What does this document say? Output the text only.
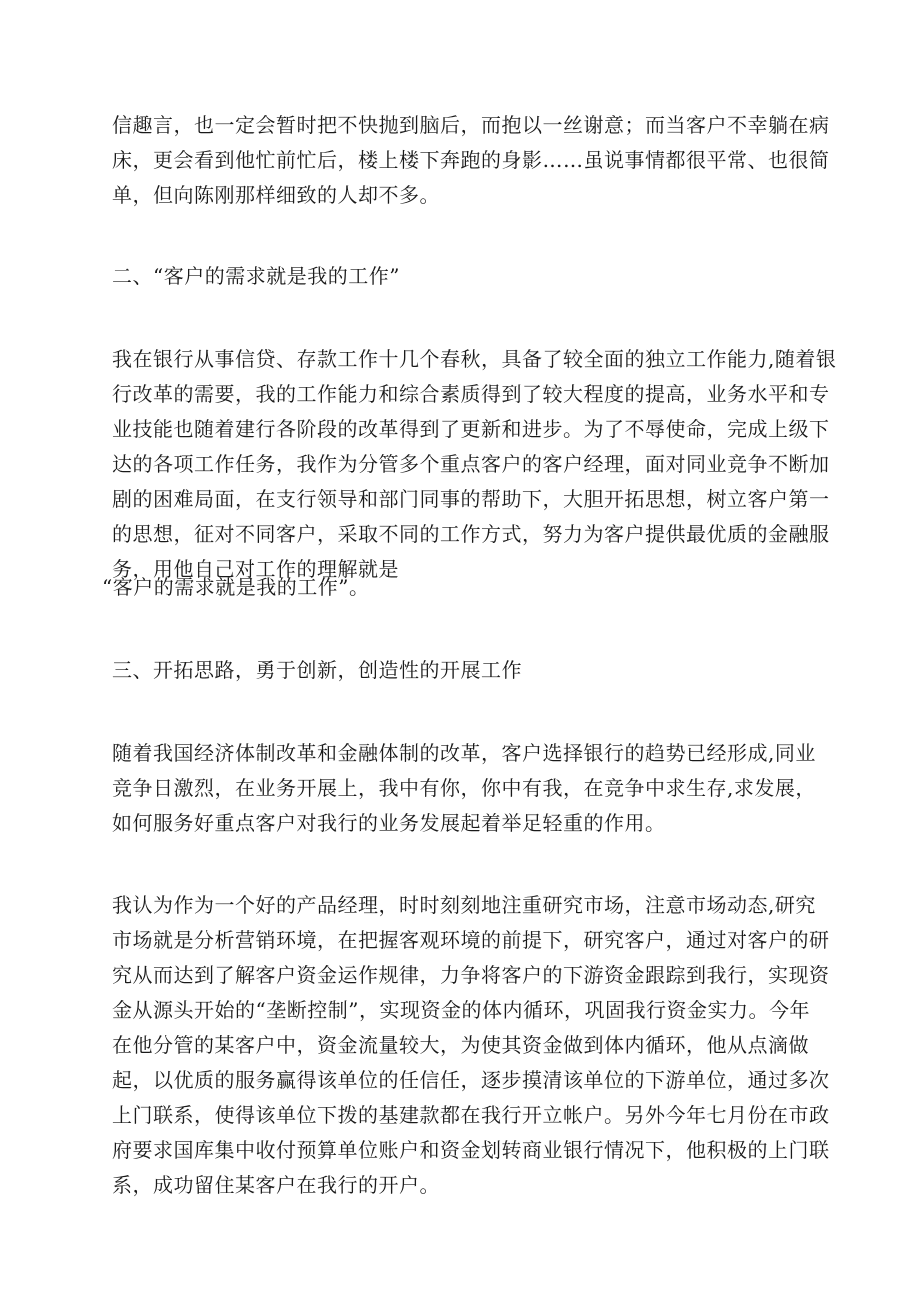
信趣言，也一定会暂时把不快抛到脑后，而抱以一丝谢意；而当客户不幸躺在病
床，更会看到他忙前忙后，楼上楼下奔跑的身影……虽说事情都很平常、也很简
单，但向陈刚那样细致的人却不多。
二、“客户的需求就是我的工作”
我在银行从事信贷、存款工作十几个春秋，具备了较全面的独立工作能力,随着银
行改革的需要，我的工作能力和综合素质得到了较大程度的提高，业务水平和专
业技能也随着建行各阶段的改革得到了更新和进步。为了不辱使命，完成上级下
达的各项工作任务，我作为分管多个重点客户的客户经理，面对同业竞争不断加
剧的困难局面，在支行领导和部门同事的帮助下，大胆开拓思想，树立客户第一
的思想，征对不同客户，采取不同的工作方式，努力为客户提供最优质的金融服
务，用他自己对工作的理解就是
“客户的需求就是我的工作”。
三、开拓思路，勇于创新，创造性的开展工作
随着我国经济体制改革和金融体制的改革，客户选择银行的趋势已经形成,同业
竞争日激烈，在业务开展上，我中有你，你中有我，在竞争中求生存,求发展，
如何服务好重点客户对我行的业务发展起着举足轻重的作用。
我认为作为一个好的产品经理，时时刻刻地注重研究市场，注意市场动态,研究
市场就是分析营销环境，在把握客观环境的前提下，研究客户，通过对客户的研
究从而达到了解客户资金运作规律，力争将客户的下游资金跟踪到我行，实现资
金从源头开始的“垄断控制”，实现资金的体内循环，巩固我行资金实力。今年
在他分管的某客户中，资金流量较大，为使其资金做到体内循环，他从点滴做
起，以优质的服务赢得该单位的任信任，逐步摸清该单位的下游单位，通过多次
上门联系，使得该单位下拨的基建款都在我行开立帐户。另外今年七月份在市政
府要求国库集中收付预算单位账户和资金划转商业银行情况下，他积极的上门联
系，成功留住某客户在我行的开户。
